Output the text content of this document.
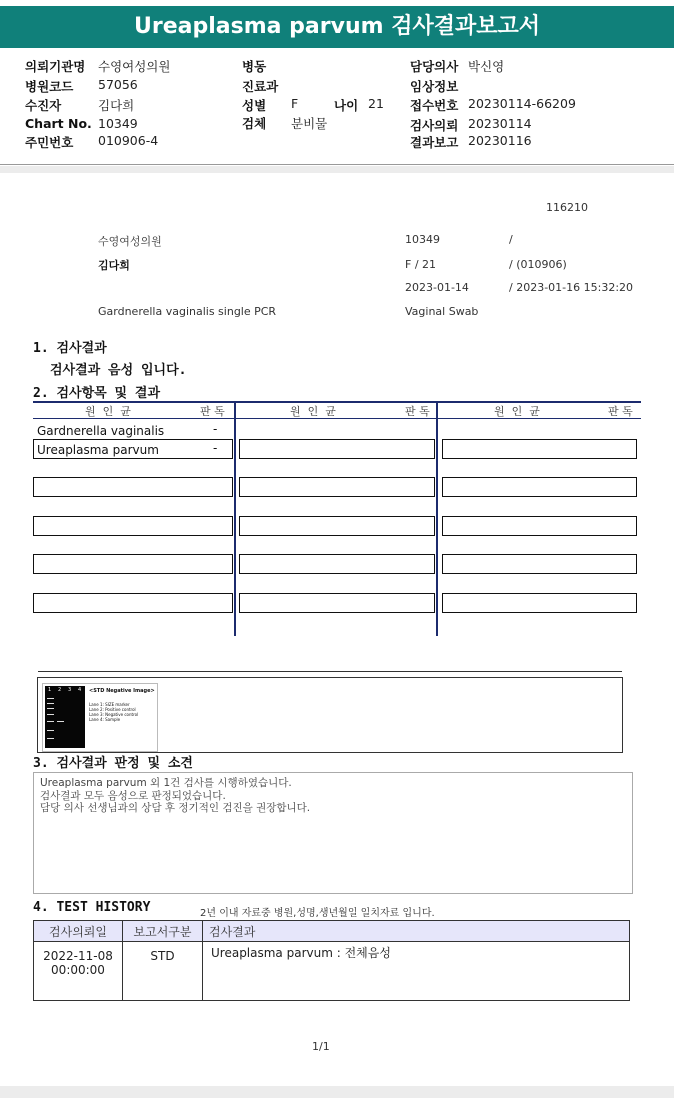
Ureaplasma parvum 검사결과보고서
의뢰기관명 수영여성의원
병원코드 57056
수진자	김다희
Chart No. 10349
주민번호 010906-4
병동
진료과
성별 F	나이 21
검체 분비물
담당의사 박신영
임상정보
접수번호 20230114-66209
검사의뢰 20230114
결과보고 20230116
116210
수영여성의원	10349	/
김다희	F / 21	/ (010906)
2023-01-14	/ 2023-01-16 15:32:20
Gardnerella vaginalis single PCR	Vaginal Swab
1. 검사결과
검사결과 음성 입니다.
2. 검사항목 및 결과
원  인  균	판 독	원  인  균	판 독	원  인  균	판 독
Gardnerella vaginalis	-
Ureaplasma parvum	-
1 2 3 4 <STD Negative Image>
Lane 1: SIZE marker
Lane 2: Positive control
Lane 3: Negative control
Lane 4: Sample
3. 검사결과 판정 및 소견
Ureaplasma parvum 외 1건 검사를 시행하였습니다.
검사결과 모두 음성으로 판정되었습니다.
담당 의사 선생님과의 상담 후 정기적인 검진을 권장합니다.
4. TEST HISTORY	2년 이내 자료중 병원,성명,생년월일 일치자료 입니다.
검사의뢰일	보고서구분	검사결과

2022-11-08
00:00:00	STD	Ureaplasma parvum : 전체음성
1/1
